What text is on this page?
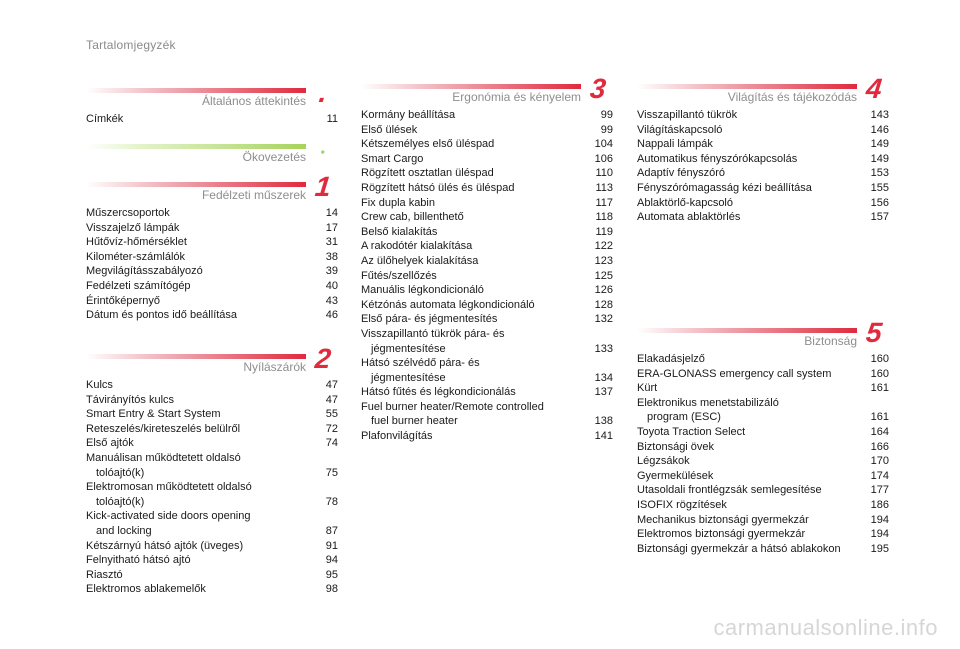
Tartalomjegyzék
Általános áttekintés .
Címkék	11
Ökovezetés	•
Fedélzeti műszerek 1
Műszercsoportok	14
Visszajelző lámpák	17
Hűtővíz-hőmérséklet	31
Kilométer-számlálók	38
Megvilágításszabályozó	39
Fedélzeti számítógép	40
Érintőképernyő	43
Dátum és pontos idő beállítása	46
Nyílászárók 2
Kulcs	47
Távirányítós kulcs	47
Smart Entry & Start System	55
Reteszelés/kireteszelés belülről	72
Első ajtók	74
Manuálisan működtetett oldalsó
tolóajtó(k)	75
Elektromosan működtetett oldalsó
tolóajtó(k)	78
Kick-activated side doors opening
and locking	87
Kétszárnyú hátsó ajtók (üveges)	91
Felnyitható hátsó ajtó	94
Riasztó	95
Elektromos ablakemelők	98
Ergonómia és kényelem 3
Kormány beállítása	99
Első ülések	99
Kétszemélyes első üléspad	104
Smart Cargo	106
Rögzített osztatlan üléspad	110
Rögzített hátsó ülés és üléspad	113
Fix dupla kabin	117
Crew cab, billenthető	118
Belső kialakítás	119
A rakodótér kialakítása	122
Az ülőhelyek kialakítása	123
Fűtés/szellőzés	125
Manuális légkondicionáló	126
Kétzónás automata légkondicionáló	128
Első pára- és jégmentesítés	132
Visszapillantó tükrök pára- és
jégmentesítése	133
Hátsó szélvédő pára- és
jégmentesítése	134
Hátsó fűtés és légkondicionálás	137
Fuel burner heater/Remote controlled
fuel burner heater	138
Plafonvilágítás	141
Világítás és tájékozódás 4
Visszapillantó tükrök	143
Világításkapcsoló	146
Nappali lámpák	149
Automatikus fényszórókapcsolás	149
Adaptív fényszóró	153
Fényszórómagasság kézi beállítása	155
Ablaktörlő-kapcsoló	156
Automata ablaktörlés	157
Biztonság 5
Elakadásjelző	160
ERA-GLONASS emergency call system	160
Kürt	161
Elektronikus menetstabilizáló
program (ESC)	161
Toyota Traction Select	164
Biztonsági övek	166
Légzsákok	170
Gyermekülések	174
Utasoldali frontlégzsák semlegesítése	177
ISOFIX rögzítések	186
Mechanikus biztonsági gyermekzár	194
Elektromos biztonsági gyermekzár	194
Biztonsági gyermekzár a hátsó ablakokon	195
carmanualsonline.info
